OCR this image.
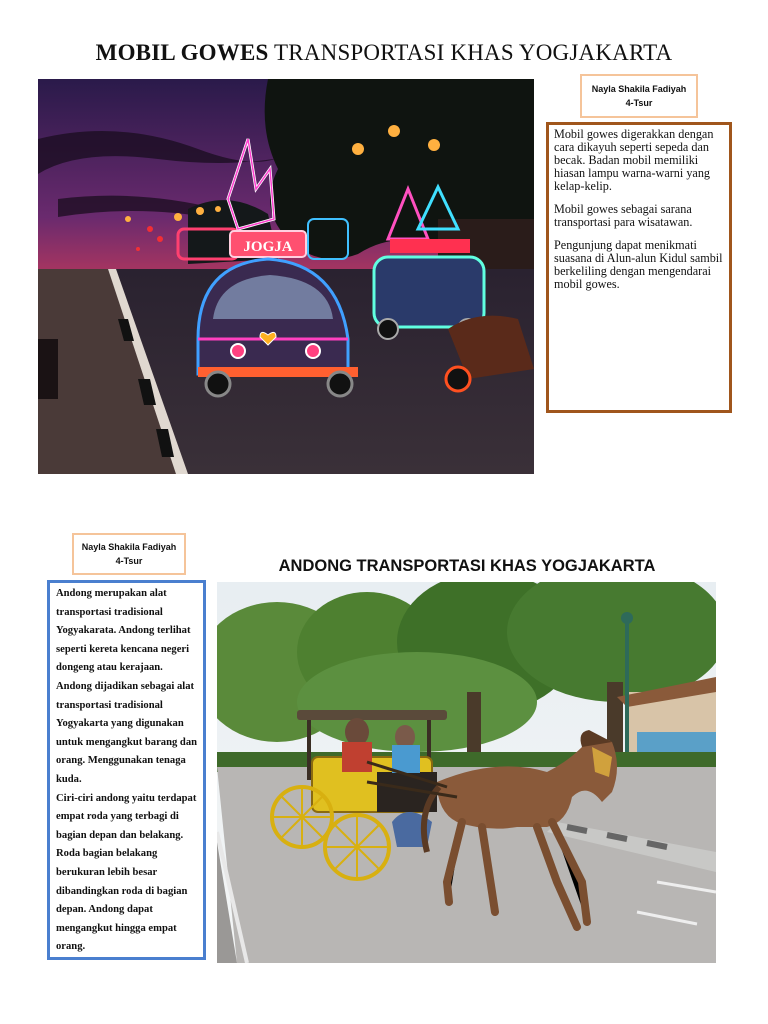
MOBIL GOWES TRANSPORTASI KHAS YOGJAKARTA
JOGJA
Nayla Shakila Fadiyah
4-Tsur

Mobil gowes digerakkan dengan cara dikayuh seperti sepeda dan becak. Badan mobil memiliki hiasan lampu warna-warni yang kelap-kelip.

Mobil gowes sebagai sarana transportasi para wisatawan.

Pengunjung dapat menikmati suasana di Alun-alun Kidul sambil berkeliling dengan mengendarai mobil gowes.

Nayla Shakila Fadiyah
4-Tsur	ANDONG TRANSPORTASI KHAS YOGJAKARTA

Andong merupakan alat transportasi tradisional Yogyakarata. Andong terlihat seperti kereta kencana negeri dongeng atau kerajaan.

Andong dijadikan sebagai alat transportasi tradisional Yogyakarta yang digunakan untuk mengangkut barang dan orang. Menggunakan tenaga kuda.

Ciri-ciri andong yaitu terdapat empat roda yang terbagi di bagian depan dan belakang. Roda bagian belakang berukuran lebih besar dibandingkan roda di bagian depan. Andong dapat mengangkut hingga empat orang.
